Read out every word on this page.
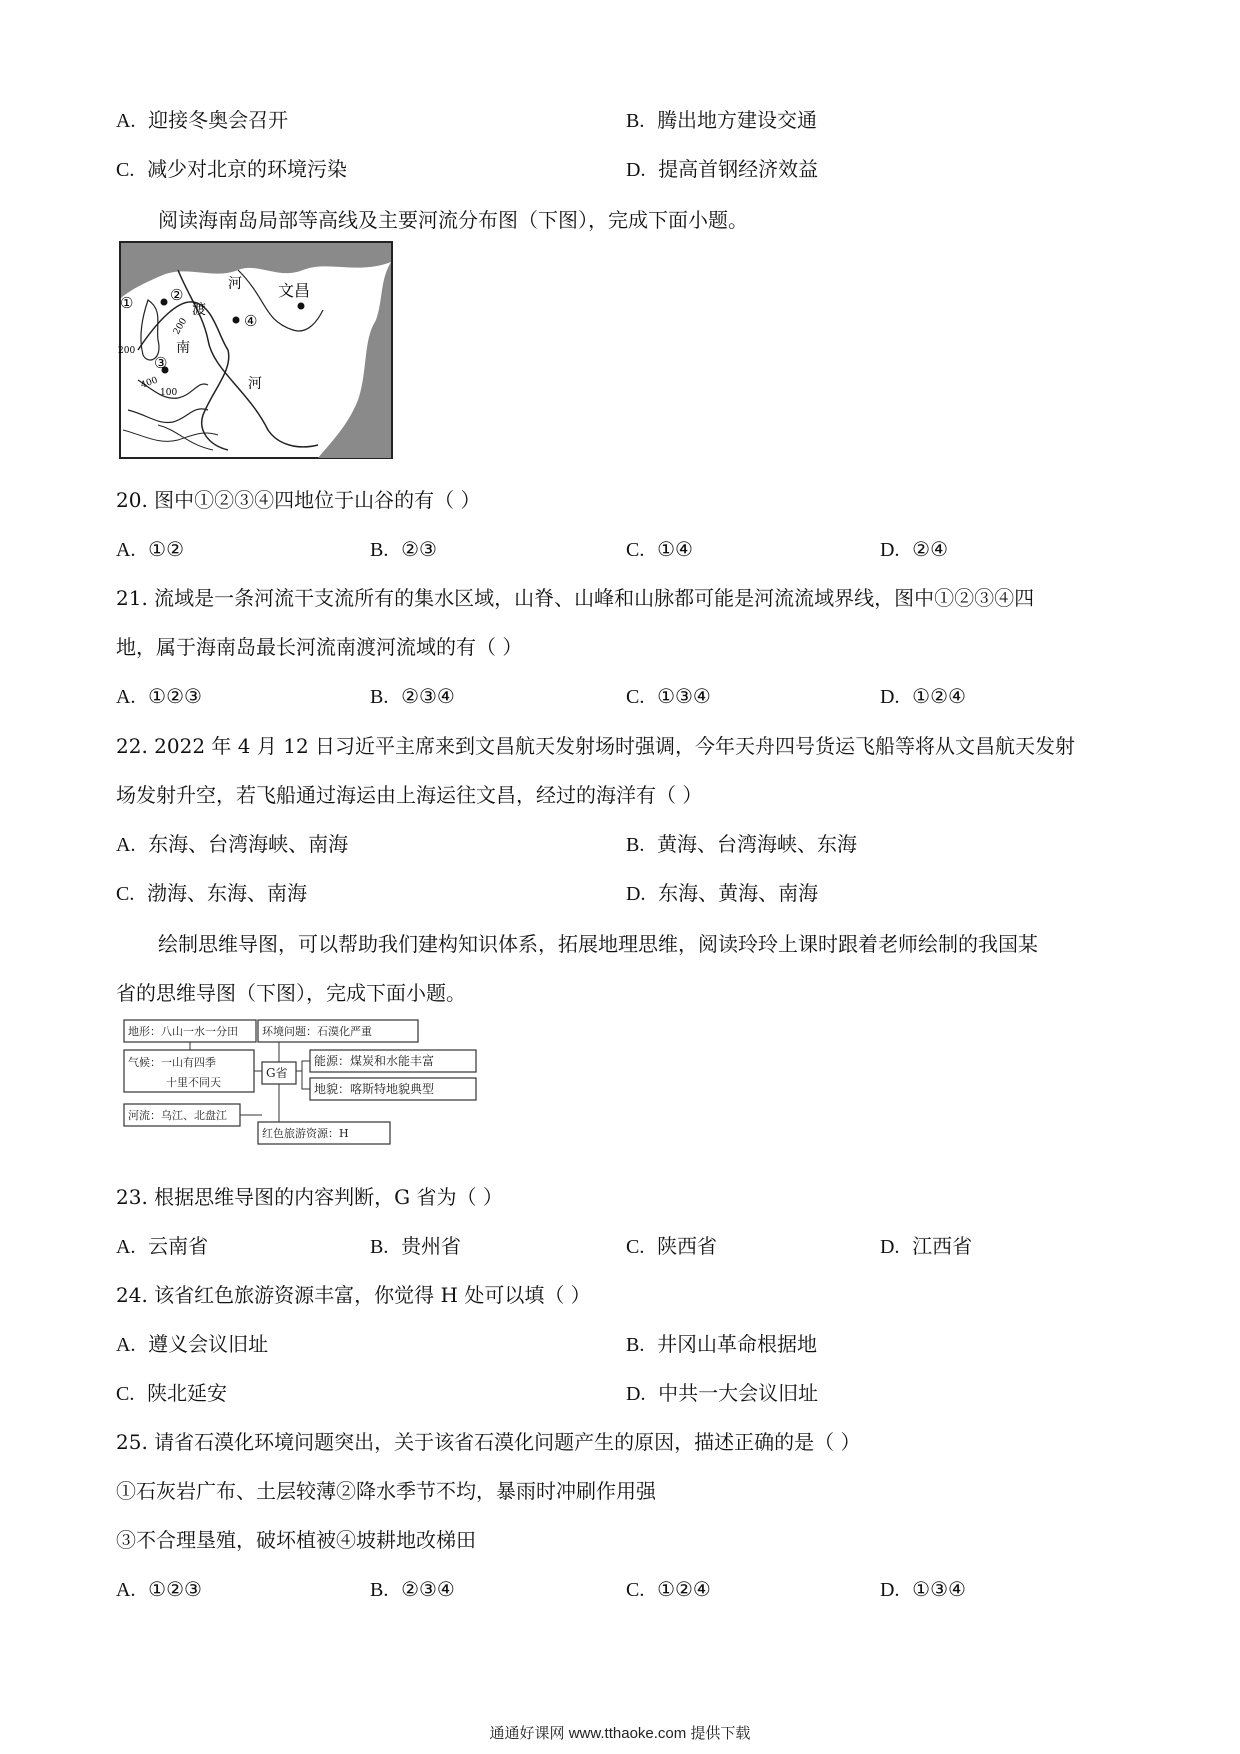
A. 迎接冬奥会召开	B. 腾出地方建设交通
C. 减少对北京的环境污染	D. 提高首钢经济效益
阅读海南岛局部等高线及主要河流分布图（下图），完成下面小题。
① ②
④
③
文昌
河
渡
南
河
200
200
400
100
20. 图中①②③④四地位于山谷的有（ ）
A. ①②	B. ②③	C. ①④	D. ②④
21. 流域是一条河流干支流所有的集水区域，山脊、山峰和山脉都可能是河流流域界线，图中①②③④四
地，属于海南岛最长河流南渡河流域的有（ ）
A. ①②③	B. ②③④	C. ①③④	D. ①②④
22. 2022 年 4 月 12 日习近平主席来到文昌航天发射场时强调，今年天舟四号货运飞船等将从文昌航天发射
场发射升空，若飞船通过海运由上海运往文昌，经过的海洋有（ ）
A. 东海、台湾海峡、南海	B. 黄海、台湾海峡、东海
C. 渤海、东海、南海	D. 东海、黄海、南海
绘制思维导图，可以帮助我们建构知识体系，拓展地理思维，阅读玲玲上课时跟着老师绘制的我国某
省的思维导图（下图），完成下面小题。
地形：八山一水一分田 环境问题：石漠化严重
气候：一山有四季
十里不同天
G省
能源：煤炭和水能丰富
地貌：喀斯特地貌典型
河流：乌江、北盘江
红色旅游资源：H
23. 根据思维导图的内容判断，G 省为（ ）
A. 云南省	B. 贵州省	C. 陕西省	D. 江西省
24. 该省红色旅游资源丰富，你觉得 H 处可以填（ ）
A. 遵义会议旧址	B. 井冈山革命根据地
C. 陕北延安	D. 中共一大会议旧址
25. 请省石漠化环境问题突出，关于该省石漠化问题产生的原因，描述正确的是（ ）
①石灰岩广布、土层较薄②降水季节不均，暴雨时冲刷作用强
③不合理垦殖，破坏植被④坡耕地改梯田
A. ①②③	B. ②③④	C. ①②④	D. ①③④
通通好课网 www.tthaoke.com 提供下载
